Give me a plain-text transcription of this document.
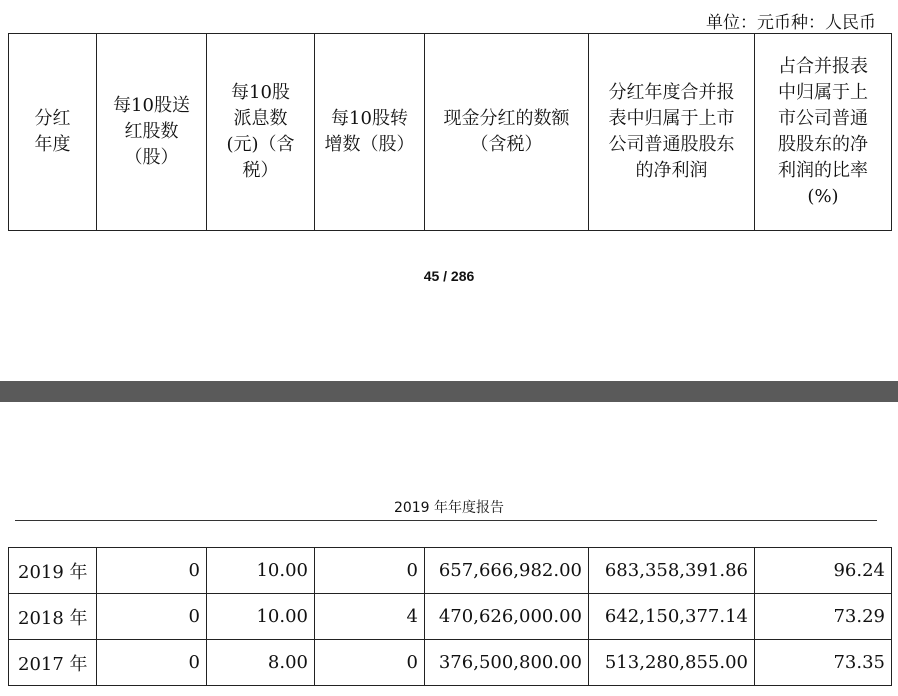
单位：元币种：人民币
分红
年度	每10股送
红股数
（股）	每10股
派息数
(元)（含
税）	每10股转
增数（股）	现金分红的数额
（含税）	分红年度合并报
表中归属于上市
公司普通股股东
的净利润	占合并报表
中归属于上
市公司普通
股股东的净
利润的比率
(%)
45 / 286
2019 年年度报告
2019 年	0	10.00	0	657,666,982.00	683,358,391.86	96.24
2018 年	0	10.00	4	470,626,000.00	642,150,377.14	73.29
2017 年	0	8.00	0	376,500,800.00	513,280,855.00	73.35
